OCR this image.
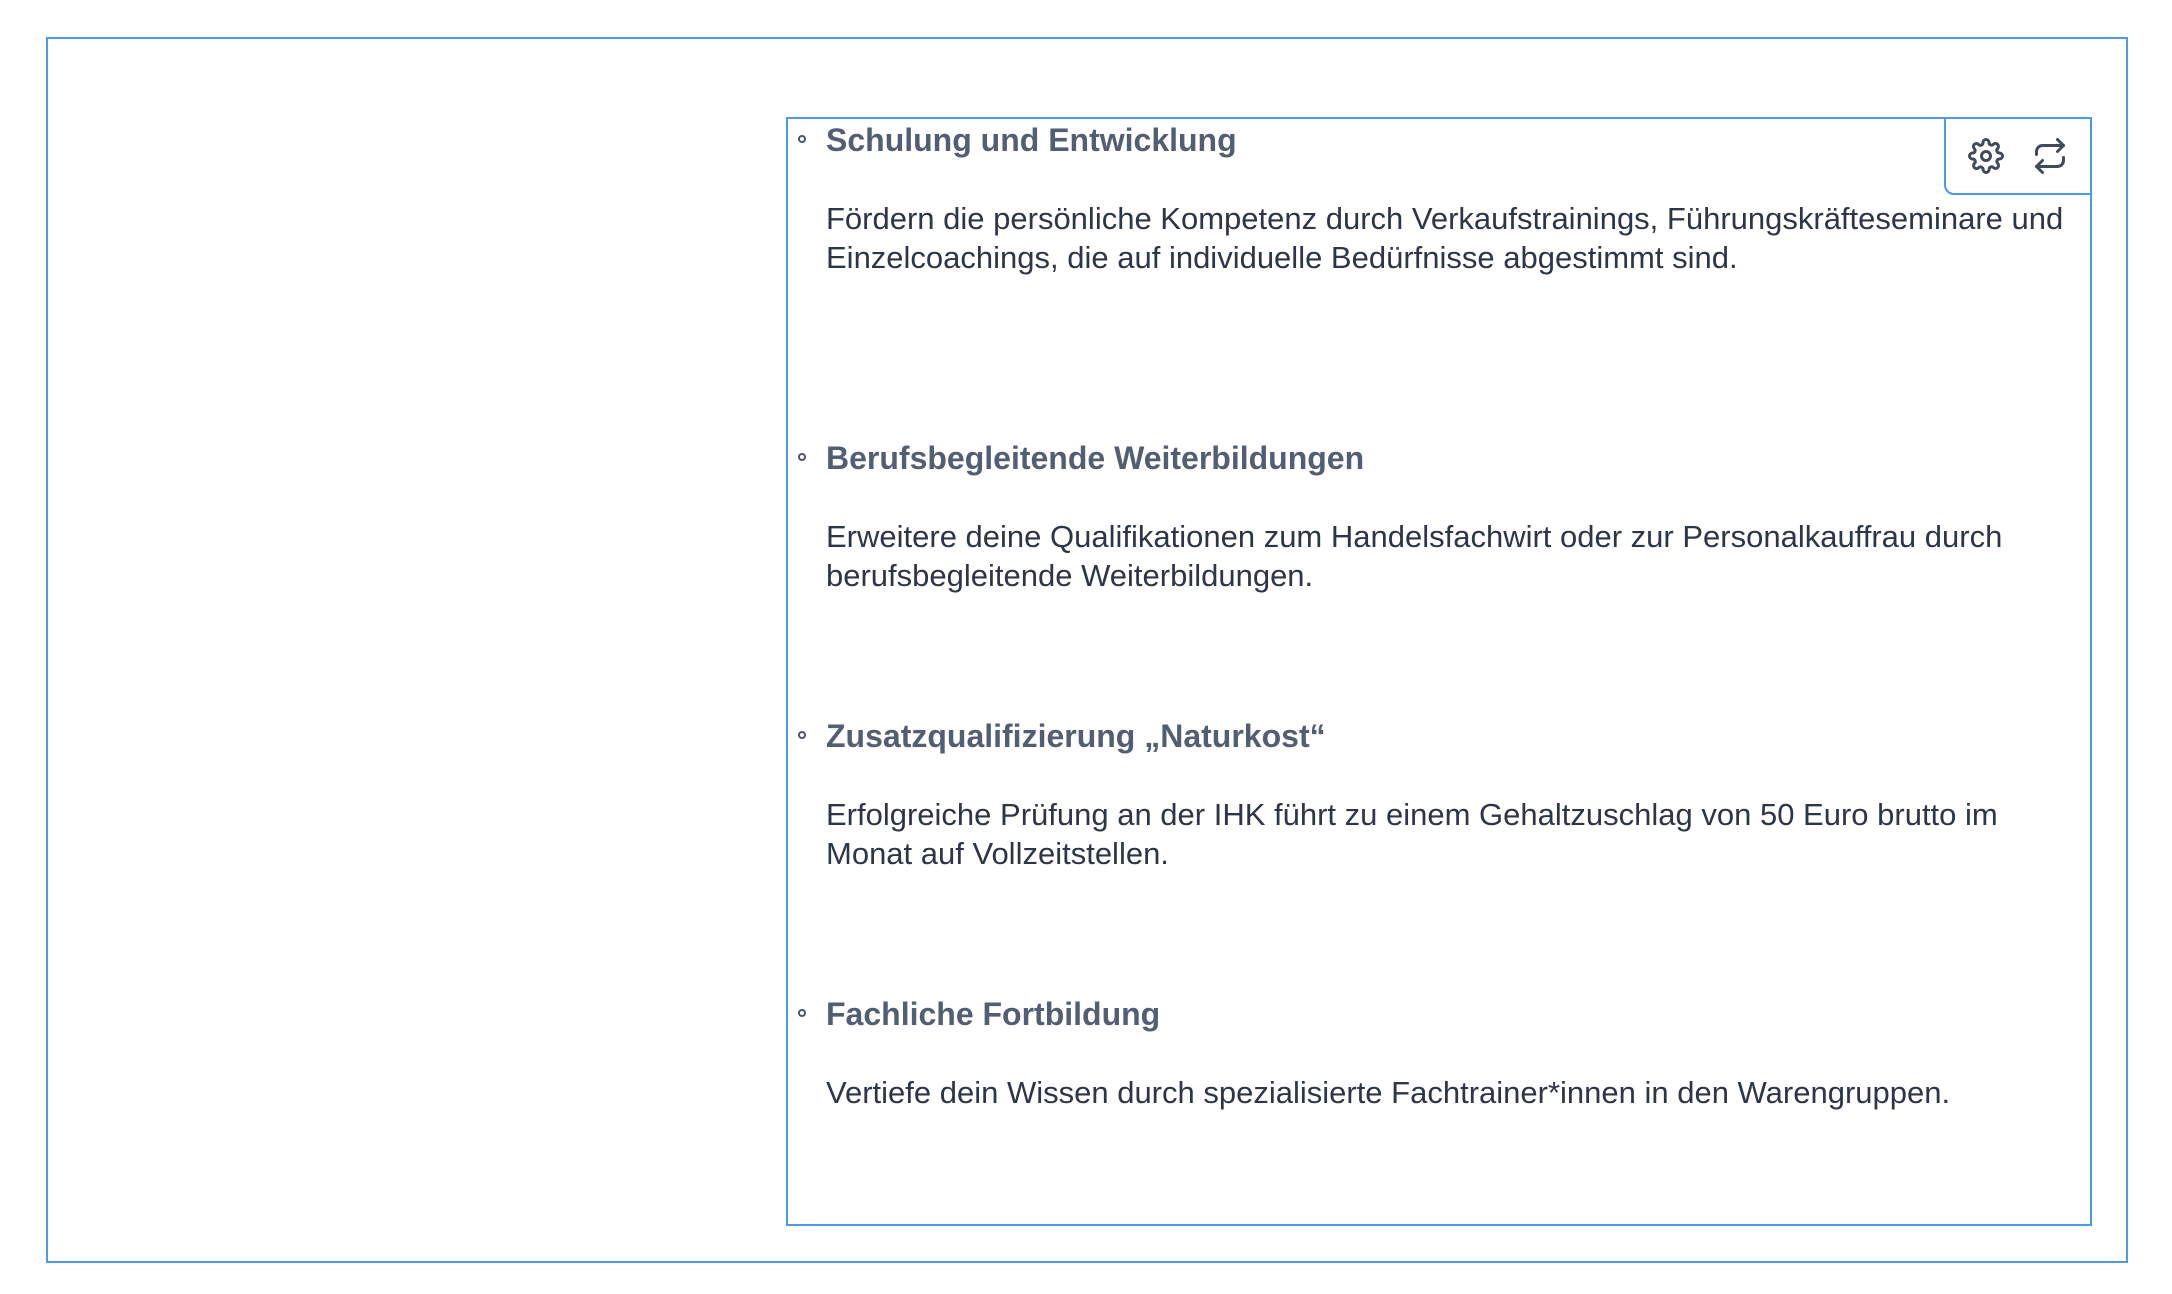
Schulung und Entwicklung
Fördern die persönliche Kompetenz durch Verkaufstrainings, Führungskräfteseminare und Einzelcoachings, die auf individuelle Bedürfnisse abgestimmt sind.
Berufsbegleitende Weiterbildungen
Erweitere deine Qualifikationen zum Handelsfachwirt oder zur Personalkauffrau durch berufsbegleitende Weiterbildungen.
Zusatzqualifizierung „Naturkost“
Erfolgreiche Prüfung an der IHK führt zu einem Gehaltzuschlag von 50 Euro brutto im Monat auf Vollzeitstellen.
Fachliche Fortbildung
Vertiefe dein Wissen durch spezialisierte Fachtrainer*innen in den Warengruppen.
